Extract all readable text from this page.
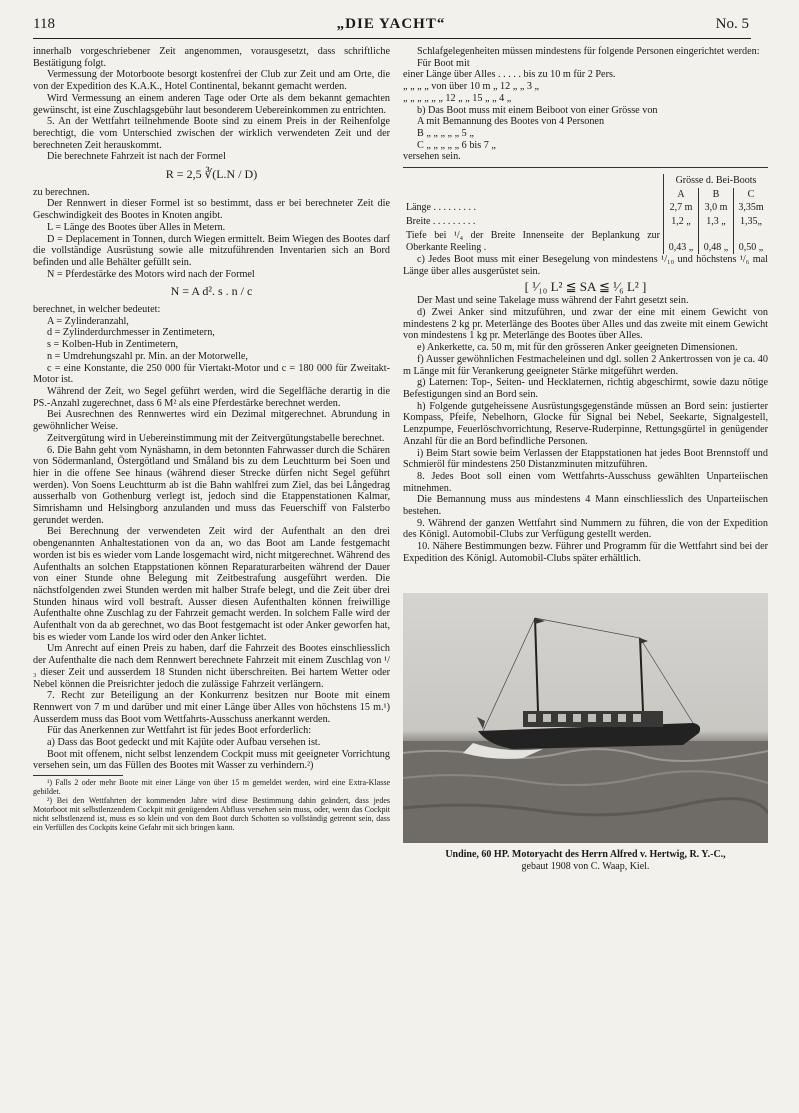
118	„DIE YACHT“	No. 5

innerhalb vorgeschriebener Zeit angenommen, vorausgesetzt, dass schriftliche Bestätigung folgt.

Vermessung der Motorboote besorgt kostenfrei der Club zur Zeit und am Orte, die von der Expedition des K.A.K., Hotel Continental, bekannt gemacht werden.

Wird Vermessung an einem anderen Tage oder Orte als dem bekannt gemachten gewünscht, ist eine Zuschlagsgebühr laut besonderem Uebereinkommen zu entrichten.

5. An der Wettfahrt teilnehmende Boote sind zu einem Preis in der Reihenfolge berechtigt, die vom Unterschied zwischen der wirklich verwendeten Zeit und der berechneten Zeit herauskommt.

Die berechnete Fahrzeit ist nach der Formel

R = 2,5 ∛(L.N / D)

zu berechnen.

Der Rennwert in dieser Formel ist so bestimmt, dass er bei berechneter Zeit die Geschwindigkeit des Bootes in Knoten angibt.

L = Länge des Bootes über Alles in Metern.

D = Deplacement in Tonnen, durch Wiegen ermittelt. Beim Wiegen des Bootes darf die vollständige Ausrüstung sowie alle mitzuführenden Inventarien sich an Bord befinden und alle Behälter gefüllt sein.

N = Pferdestärke des Motors wird nach der Formel

N = A d². s . n / c

berechnet, in welcher bedeutet:

A = Zylinderanzahl,

d = Zylinderdurchmesser in Zentimetern,

s = Kolben-Hub in Zentimetern,

n = Umdrehungszahl pr. Min. an der Motorwelle,

c = eine Konstante, die 250 000 für Viertakt-Motor und c = 180 000 für Zweitakt-Motor ist.

Während der Zeit, wo Segel geführt werden, wird die Segelfläche derartig in die PS.-Anzahl zugerechnet, dass 6 M² als eine Pferdestärke berechnet werden.

Bei Ausrechnen des Rennwertes wird ein Dezimal mitgerechnet. Abrundung in gewöhnlicher Weise.

Zeitvergütung wird in Uebereinstimmung mit der Zeitvergütungstabelle berechnet.

6. Die Bahn geht vom Nynäshamn, in dem betonnten Fahrwasser durch die Schären von Södermanland, Östergötland und Småland bis zu dem Leuchtturm bei Soen und hier in die offene See hinaus (während dieser Strecke dürfen nicht Segel geführt werden). Von Soens Leuchtturm ab ist die Bahn wahlfrei zum Ziel, das bei Långedrag ausserhalb von Gothenburg verlegt ist, jedoch sind die Etappenstationen Kalmar, Simrishamn und Helsingborg anzulanden und muss das Feuerschiff von Falsterbo gerundet werden.

Bei Berechnung der verwendeten Zeit wird der Aufenthalt an den drei obengenannten Anhaltestationen von da an, wo das Boot am Lande festgemacht worden ist bis es wieder vom Lande losgemacht wird, nicht mitgerechnet. Während des Aufenthalts an solchen Etappstationen können Reparaturarbeiten während der Dauer von einer Stunde ohne Belegung mit Zeitbestrafung ausgeführt werden. Die nächstfolgenden zwei Stunden werden mit halber Strafe belegt, und die Zeit über drei Stunden hinaus wird voll bestraft. Ausser diesen Aufenthalten können freiwillige Aufenthalte ohne Zuschlag zu der Fahrzeit gemacht werden. In solchem Falle wird der Aufenthalt von da ab gerechnet, wo das Boot festgemacht ist oder Anker geworfen hat, bis es wieder vom Lande los wird oder den Anker lichtet.

Um Anrecht auf einen Preis zu haben, darf die Fahrzeit des Bootes einschliesslich der Aufenthalte die nach dem Rennwert berechnete Fahrzeit mit einem Zuschlag von ¹/₃ dieser Zeit und ausserdem 18 Stunden nicht überschreiten. Bei hartem Wetter oder Nebel können die Preisrichter jedoch die zulässige Fahrzeit verlängern.

7. Recht zur Beteiligung an der Konkurrenz besitzen nur Boote mit einem Rennwert von 7 m und darüber und mit einer Länge über Alles von höchstens 15 m.¹) Ausserdem muss das Boot vom Wettfahrts-Ausschuss anerkannt werden.

Für das Anerkennen zur Wettfahrt ist für jedes Boot erforderlich:

a) Dass das Boot gedeckt und mit Kajüte oder Aufbau versehen ist.

Boot mit offenem, nicht selbst lenzendem Cockpit muss mit geeigneter Vorrichtung versehen sein, um das Füllen des Bootes mit Wasser zu verhindern.²)

¹) Falls 2 oder mehr Boote mit einer Länge von über 15 m gemeldet werden, wird eine Extra-Klasse gebildet.

²) Bei den Wettfahrten der kommenden Jahre wird diese Bestimmung dahin geändert, dass jedes Motorboot mit selbstlenzendem Cockpit mit genügendem Abfluss versehen sein muss, oder, wenn das Cockpit nicht selbstlenzend ist, muss es so klein und von dem Boot durch Schotten so vollständig getrennt sein, dass ein Verfüllen des Cockpits keine Gefahr mit sich bringen kann.

Schlafgelegenheiten müssen mindestens für folgende Personen eingerichtet werden:

Für Boot mit

einer Länge über Alles . . . . . bis zu 10 m für 2 Pers.

„ „ „ „ von über 10 m „ 12 „ „ 3 „

„ „ „ „ „ „ 12 „ „ 15 „ „ 4 „

b) Das Boot muss mit einem Beiboot von einer Grösse von

A mit Bemannung des Bootes von 4 Personen

B „ „ „ „ „ 5 „

C „ „ „ „ „ 6 bis 7 „

versehen sein.

	Grösse d. Bei-Boots		
	A	B	C
Länge . . . . . . . . .	2,7 m	3,0 m	3,35m
Breite . . . . . . . . .	1,2 „	1,3 „	1,35„
Tiefe bei ¹/₄ der Breite Innenseite der Beplankung zur Oberkante Reeling .	0,43 „	0,48 „	0,50 „

c) Jedes Boot muss mit einer Besegelung von mindestens ¹/₁₀ und höchstens ¹/₆ mal Länge über alles ausgerüstet sein.

[ ¹⁄₁₀ L² ≦ SA ≦ ¹⁄₆ L² ]

Der Mast und seine Takelage muss während der Fahrt gesetzt sein.

d) Zwei Anker sind mitzuführen, und zwar der eine mit einem Gewicht von mindestens 2 kg pr. Meterlänge des Bootes über Alles und das zweite mit einem Gewicht von mindestens 1 kg pr. Meterlänge des Bootes über Alles.

e) Ankerkette, ca. 50 m, mit für den grösseren Anker geeigneten Dimensionen.

f) Ausser gewöhnlichen Festmacheleinen und dgl. sollen 2 Ankertrossen von je ca. 40 m Länge mit für Verankerung geeigneter Stärke mitgeführt werden.

g) Laternen: Top-, Seiten- und Hecklaternen, richtig abgeschirmt, sowie dazu nötige Befestigungen sind an Bord sein.

h) Folgende gutgeheissene Ausrüstungsgegenstände müssen an Bord sein: justierter Kompass, Pfeife, Nebelhorn, Glocke für Signal bei Nebel, Seekarte, Signalgestell, Lenzpumpe, Feuerlöschvorrichtung, Reserve-Ruderpinne, Rettungsgürtel in genügender Anzahl für die an Bord befindliche Personen.

i) Beim Start sowie beim Verlassen der Etappstationen hat jedes Boot Brennstoff und Schmieröl für mindestens 250 Distanzminuten mitzuführen.

8. Jedes Boot soll einen vom Wettfahrts-Ausschuss gewählten Unparteiischen mitnehmen.

Die Bemannung muss aus mindestens 4 Mann einschliesslich des Unparteiischen bestehen.

9. Während der ganzen Wettfahrt sind Nummern zu führen, die von der Expedition des Königl. Automobil-Clubs zur Verfügung gestellt werden.

10. Nähere Bestimmungen bezw. Führer und Programm für die Wettfahrt sind bei der Expedition des Königl. Automobil-Clubs später erhältlich.

Undine, 60 HP. Motoryacht des Herrn Alfred v. Hertwig, R. Y.-C.,
gebaut 1908 von C. Waap, Kiel.
